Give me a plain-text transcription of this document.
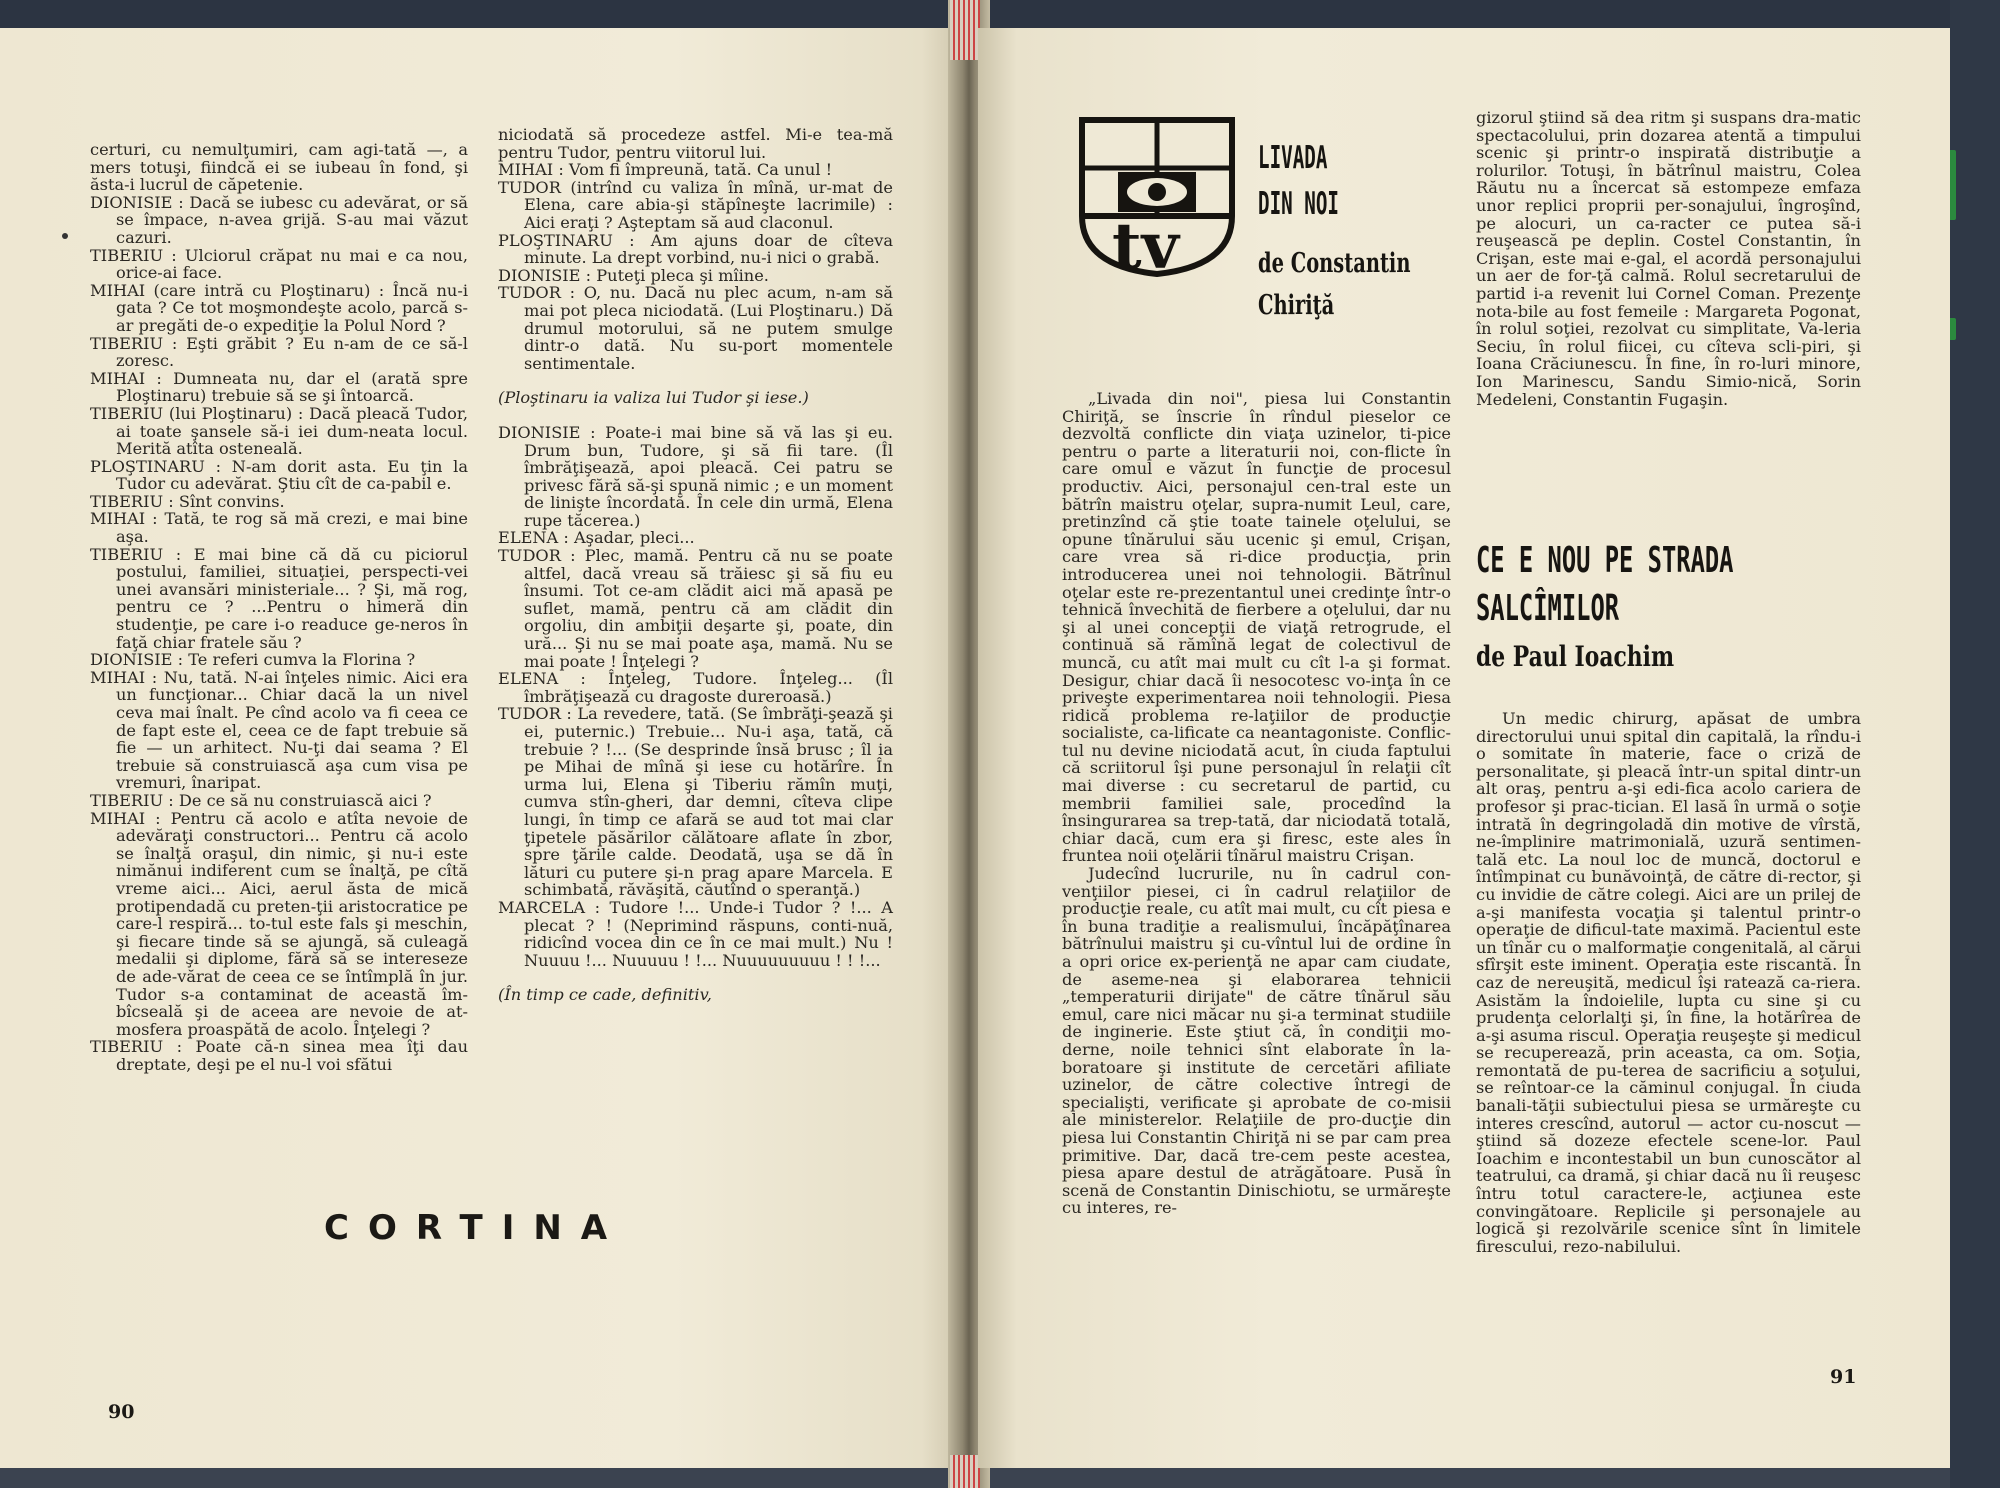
certuri, cu nemulţumiri, cam agi-tată —, a mers totuşi, fiindcă ei se iubeau în fond, şi ăsta-i lucrul de căpetenie.

DIONISIE : Dacă se iubesc cu adevărat, or să se împace, n-avea grijă. S-au mai văzut cazuri.

TIBERIU : Ulciorul crăpat nu mai e ca nou, orice-ai face.

MIHAI (care intră cu Ploştinaru) : Încă nu-i gata ? Ce tot moşmondeşte acolo, parcă s-ar pregăti de-o expediţie la Polul Nord ?

TIBERIU : Eşti grăbit ? Eu n-am de ce să-l zoresc.

MIHAI : Dumneata nu, dar el (arată spre Ploştinaru) trebuie să se şi întoarcă.

TIBERIU (lui Ploştinaru) : Dacă pleacă Tudor, ai toate şansele să-i iei dum-neata locul. Merită atîta osteneală.

PLOŞTINARU : N-am dorit asta. Eu ţin la Tudor cu adevărat. Ştiu cît de ca-pabil e.

TIBERIU : Sînt convins.

MIHAI : Tată, te rog să mă crezi, e mai bine aşa.

TIBERIU : E mai bine că dă cu piciorul postului, familiei, situaţiei, perspecti-vei unei avansări ministeriale... ? Şi, mă rog, pentru ce ? ...Pentru o himeră din studenţie, pe care i-o readuce ge-neros în faţă chiar fratele său ?

DIONISIE : Te referi cumva la Florina ?

MIHAI : Nu, tată. N-ai înţeles nimic. Aici era un funcţionar... Chiar dacă la un nivel ceva mai înalt. Pe cînd acolo va fi ceea ce de fapt este el, ceea ce de fapt trebuie să fie — un arhitect. Nu-ţi dai seama ? El trebuie să construiască aşa cum visa pe vremuri, înaripat.

TIBERIU : De ce să nu construiască aici ?

MIHAI : Pentru că acolo e atîta nevoie de adevăraţi constructori... Pentru că acolo se înalţă oraşul, din nimic, şi nu-i este nimănui indiferent cum se înalţă, pe cîtă vreme aici... Aici, aerul ăsta de mică protipendadă cu preten-ţii aristocratice pe care-l respiră... to-tul este fals şi meschin, şi fiecare tinde să se ajungă, să culeagă medalii şi diplome, fără să se intereseze de ade-vărat de ceea ce se întîmplă în jur. Tudor s-a contaminat de această îm-bîcseală şi de aceea are nevoie de at-mosfera proaspătă de acolo. Înţelegi ?

TIBERIU : Poate că-n sinea mea îţi dau dreptate, deşi pe el nu-l voi sfătui

niciodată să procedeze astfel. Mi-e tea-mă pentru Tudor, pentru viitorul lui.

MIHAI : Vom fi împreună, tată. Ca unul !

TUDOR (intrînd cu valiza în mînă, ur-mat de Elena, care abia-şi stăpîneşte lacrimile) : Aici eraţi ? Aşteptam să aud claconul.

PLOŞTINARU : Am ajuns doar de cîteva minute. La drept vorbind, nu-i nici o grabă.

DIONISIE : Puteţi pleca şi mîine.

TUDOR : O, nu. Dacă nu plec acum, n-am să mai pot pleca niciodată. (Lui Ploştinaru.) Dă drumul motorului, să ne putem smulge dintr-o dată. Nu su-port momentele sentimentale.

(Ploştinaru ia valiza lui Tudor şi iese.)

DIONISIE : Poate-i mai bine să vă las şi eu. Drum bun, Tudore, şi să fii tare. (Îl îmbrăţişează, apoi pleacă. Cei patru se privesc fără să-şi spună nimic ; e un moment de linişte încordată. În cele din urmă, Elena rupe tăcerea.)

ELENA : Aşadar, pleci...

TUDOR : Plec, mamă. Pentru că nu se poate altfel, dacă vreau să trăiesc şi să fiu eu însumi. Tot ce-am clădit aici mă apasă pe suflet, mamă, pentru că am clădit din orgoliu, din ambiţii deşarte şi, poate, din ură... Şi nu se mai poate aşa, mamă. Nu se mai poate ! Înţelegi ?

ELENA : Înţeleg, Tudore. Înţeleg... (Îl îmbrăţişează cu dragoste dureroasă.)

TUDOR : La revedere, tată. (Se îmbrăţi-şează şi ei, puternic.) Trebuie... Nu-i aşa, tată, că trebuie ? !... (Se desprinde însă brusc ; îl ia pe Mihai de mînă şi iese cu hotărîre. În urma lui, Elena şi Tiberiu rămîn muţi, cumva stîn-gheri, dar demni, cîteva clipe lungi, în timp ce afară se aud tot mai clar ţipetele păsărilor călătoare aflate în zbor, spre ţările calde. Deodată, uşa se dă în lături cu putere şi-n prag apare Marcela. E schimbată, răvăşită, căutînd o speranţă.)

MARCELA : Tudore !... Unde-i Tudor ? !... A plecat ? ! (Neprimind răspuns, conti-nuă, ridicînd vocea din ce în ce mai mult.) Nu ! Nuuuu !... Nuuuuu ! !... Nuuuuuuuuu ! ! !...

(În timp ce cade, definitiv,

CORTINA
90
tv
LIVADA
DIN NOI
de Constantin
Chiriţă

„Livada din noi", piesa lui Constantin Chiriţă, se înscrie în rîndul pieselor ce dezvoltă conflicte din viaţa uzinelor, ti-pice pentru o parte a literaturii noi, con-flicte în care omul e văzut în funcţie de procesul productiv. Aici, personajul cen-tral este un bătrîn maistru oţelar, supra-numit Leul, care, pretinzînd că ştie toate tainele oţelului, se opune tînărului său ucenic şi emul, Crişan, care vrea să ri-dice producţia, prin introducerea unei noi tehnologii. Bătrînul oţelar este re-prezentantul unei credinţe într-o tehnică învechită de fierbere a oţelului, dar nu şi al unei concepţii de viaţă retrogrude, el continuă să rămînă legat de colectivul de muncă, cu atît mai mult cu cît l-a şi format. Desigur, chiar dacă îi nesocotesc vo-inţa în ce priveşte experimentarea noii tehnologii. Piesa ridică problema re-laţiilor de producţie socialiste, ca-lificate ca neantagoniste. Conflic-tul nu devine niciodată acut, în ciuda faptului că scriitorul îşi pune personajul în relaţii cît mai diverse : cu secretarul de partid, cu membrii familiei sale, procedînd la însingurarea sa trep-tată, dar niciodată totală, chiar dacă, cum era şi firesc, este ales în fruntea noii oţelării tînărul maistru Crişan.

Judecînd lucrurile, nu în cadrul con-venţiilor piesei, ci în cadrul relaţiilor de producţie reale, cu atît mai mult, cu cît piesa e în buna tradiţie a realismului, încăpăţînarea bătrînului maistru şi cu-vîntul lui de ordine în a opri orice ex-perienţă ne apar cam ciudate, de aseme-nea şi elaborarea tehnicii „temperaturii dirijate" de către tînărul său emul, care nici măcar nu şi-a terminat studiile de inginerie. Este ştiut că, în condiţii mo-derne, noile tehnici sînt elaborate în la-boratoare şi institute de cercetări afiliate uzinelor, de către colective întregi de specialişti, verificate şi aprobate de co-misii ale ministerelor. Relaţiile de pro-ducţie din piesa lui Constantin Chiriţă ni se par cam prea primitive. Dar, dacă tre-cem peste acestea, piesa apare destul de atrăgătoare. Pusă în scenă de Constantin Dinischiotu, se urmăreşte cu interes, re-

gizorul ştiind să dea ritm şi suspans dra-matic spectacolului, prin dozarea atentă a timpului scenic şi printr-o inspirată distribuţie a rolurilor. Totuşi, în bătrînul maistru, Colea Răutu nu a încercat să estompeze emfaza unor replici proprii per-sonajului, îngroşînd, pe alocuri, un ca-racter ce putea să-i reuşească pe deplin. Costel Constantin, în Crişan, este mai e-gal, el acordă personajului un aer de for-ţă calmă. Rolul secretarului de partid i-a revenit lui Cornel Coman. Prezenţe nota-bile au fost femeile : Margareta Pogonat, în rolul soţiei, rezolvat cu simplitate, Va-leria Seciu, în rolul fiicei, cu cîteva scli-piri, şi Ioana Crăciunescu. În fine, în ro-luri minore, Ion Marinescu, Sandu Simio-nică, Sorin Medeleni, Constantin Fugaşin.

CE E NOU PE STRADA
SALCÎMILOR
de Paul Ioachim

Un medic chirurg, apăsat de umbra directorului unui spital din capitală, la rîndu-i o somitate în materie, face o criză de personalitate, şi pleacă într-un spital dintr-un alt oraş, pentru a-şi edi-fica acolo cariera de profesor şi prac-tician. El lasă în urmă o soţie intrată în degringoladă din motive de vîrstă, ne-împlinire matrimonială, uzură sentimen-tală etc. La noul loc de muncă, doctorul e întîmpinat cu bunăvoinţă, de către di-rector, şi cu invidie de către colegi. Aici are un prilej de a-şi manifesta vocaţia şi talentul printr-o operaţie de dificul-tate maximă. Pacientul este un tînăr cu o malformaţie congenitală, al cărui sfîrşit este iminent. Operaţia este riscantă. În caz de nereuşită, medicul îşi ratează ca-riera. Asistăm la îndoielile, lupta cu sine şi cu prudenţa celorlalţi şi, în fine, la hotărîrea de a-şi asuma riscul. Operaţia reuşeşte şi medicul se recuperează, prin aceasta, ca om. Soţia, remontată de pu-terea de sacrificiu a soţului, se reîntoar-ce la căminul conjugal. În ciuda banali-tăţii subiectului piesa se urmăreşte cu interes crescînd, autorul — actor cu-noscut — ştiind să dozeze efectele scene-lor. Paul Ioachim e incontestabil un bun cunoscător al teatrului, ca dramă, şi chiar dacă nu îi reuşesc întru totul caractere-le, acţiunea este convingătoare. Replicile şi personajele au logică şi rezolvările scenice sînt în limitele firescului, rezo-nabilului.

91
